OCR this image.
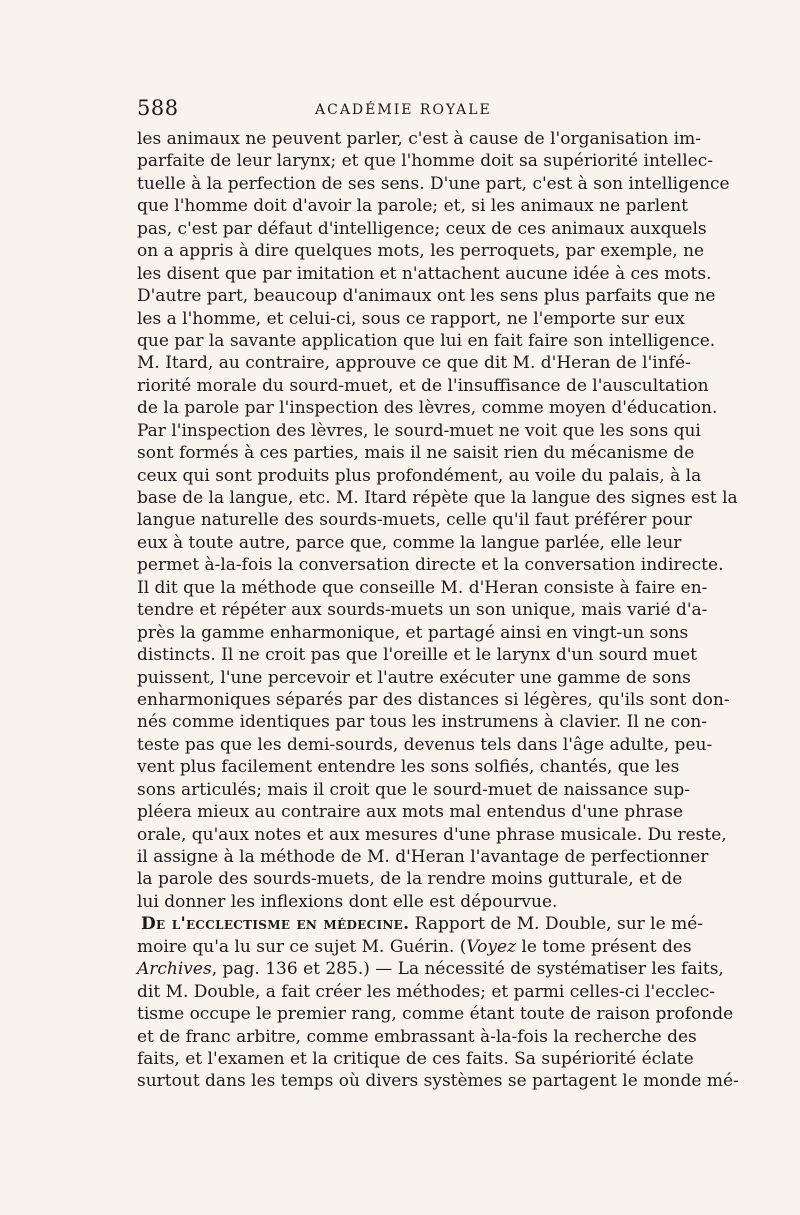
588	ACADÉMIE ROYALE
les animaux ne peuvent parler, c'est à cause de l'organisation im-
parfaite de leur larynx; et que l'homme doit sa supériorité intellec-
tuelle à la perfection de ses sens. D'une part, c'est à son intelligence
que l'homme doit d'avoir la parole; et, si les animaux ne parlent
pas, c'est par défaut d'intelligence; ceux de ces animaux auxquels
on a appris à dire quelques mots, les perroquets, par exemple, ne
les disent que par imitation et n'attachent aucune idée à ces mots.
D'autre part, beaucoup d'animaux ont les sens plus parfaits que ne
les a l'homme, et celui-ci, sous ce rapport, ne l'emporte sur eux
que par la savante application que lui en fait faire son intelligence.
M. Itard, au contraire, approuve ce que dit M. d'Heran de l'infé-
riorité morale du sourd-muet, et de l'insuffisance de l'auscultation
de la parole par l'inspection des lèvres, comme moyen d'éducation.
Par l'inspection des lèvres, le sourd-muet ne voit que les sons qui
sont formés à ces parties, mais il ne saisit rien du mécanisme de
ceux qui sont produits plus profondément, au voile du palais, à la
base de la langue, etc. M. Itard répète que la langue des signes est la
langue naturelle des sourds-muets, celle qu'il faut préférer pour
eux à toute autre, parce que, comme la langue parlée, elle leur
permet à-la-fois la conversation directe et la conversation indirecte.
Il dit que la méthode que conseille M. d'Heran consiste à faire en-
tendre et répéter aux sourds-muets un son unique, mais varié d'a-
près la gamme enharmonique, et partagé ainsi en vingt-un sons
distincts. Il ne croit pas que l'oreille et le larynx d'un sourd muet
puissent, l'une percevoir et l'autre exécuter une gamme de sons
enharmoniques séparés par des distances si légères, qu'ils sont don-
nés comme identiques par tous les instrumens à clavier. Il ne con-
teste pas que les demi-sourds, devenus tels dans l'âge adulte, peu-
vent plus facilement entendre les sons solfiés, chantés, que les
sons articulés; mais il croit que le sourd-muet de naissance sup-
pléera mieux au contraire aux mots mal entendus d'une phrase
orale, qu'aux notes et aux mesures d'une phrase musicale. Du reste,
il assigne à la méthode de M. d'Heran l'avantage de perfectionner
la parole des sourds-muets, de la rendre moins gutturale, et de
lui donner les inflexions dont elle est dépourvue.
De l'ecclectisme en médecine. Rapport de M. Double, sur le mé-
moire qu'a lu sur ce sujet M. Guérin. (Voyez le tome présent des
Archives, pag. 136 et 285.) — La nécessité de systématiser les faits,
dit M. Double, a fait créer les méthodes; et parmi celles-ci l'ecclec-
tisme occupe le premier rang, comme étant toute de raison profonde
et de franc arbitre, comme embrassant à-la-fois la recherche des
faits, et l'examen et la critique de ces faits. Sa supériorité éclate
surtout dans les temps où divers systèmes se partagent le monde mé-
